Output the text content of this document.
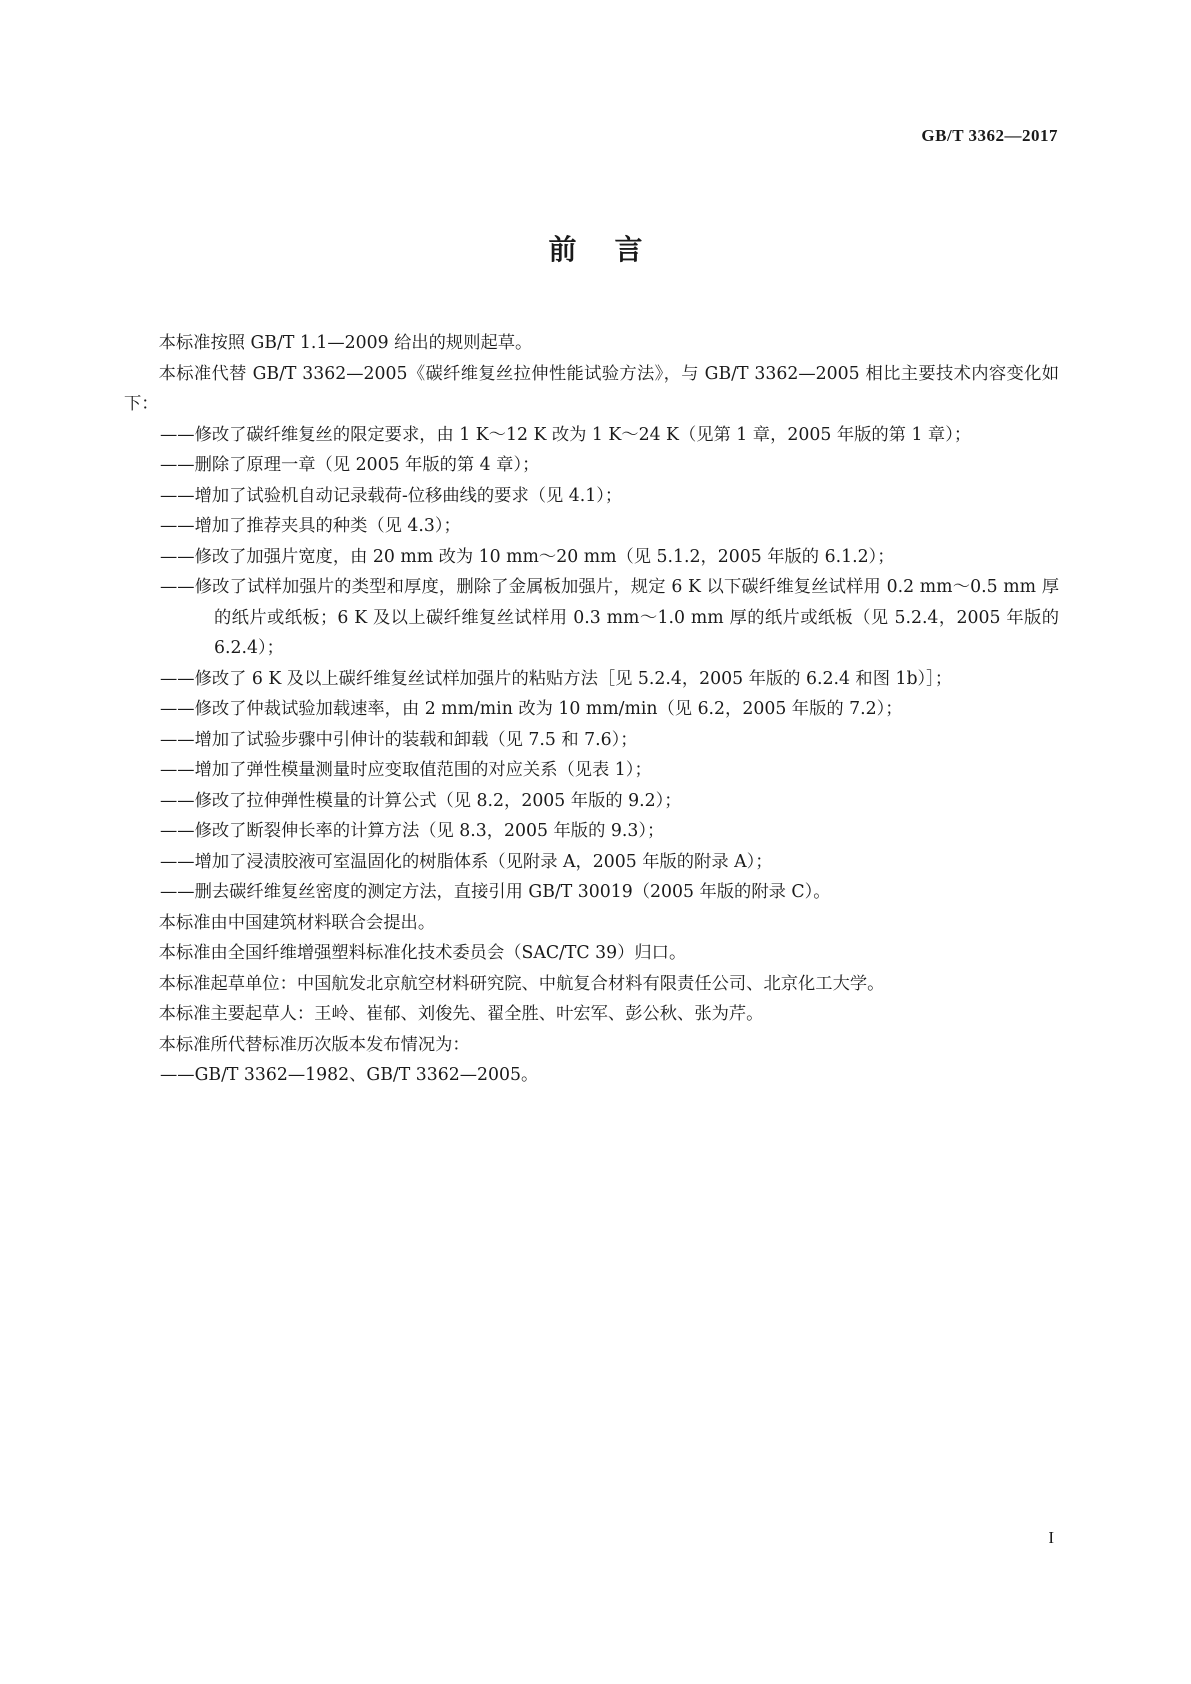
GB/T 3362—2017
前言

本标准按照 GB/T 1.1—2009 给出的规则起草。

本标准代替 GB/T 3362—2005《碳纤维复丝拉伸性能试验方法》，与 GB/T 3362—2005 相比主要技术内容变化如下：

——修改了碳纤维复丝的限定要求，由 1 K～12 K 改为 1 K～24 K（见第 1 章，2005 年版的第 1 章）；

——删除了原理一章（见 2005 年版的第 4 章）；

——增加了试验机自动记录载荷-位移曲线的要求（见 4.1）；

——增加了推荐夹具的种类（见 4.3）；

——修改了加强片宽度，由 20 mm 改为 10 mm～20 mm（见 5.1.2，2005 年版的 6.1.2）；

——修改了试样加强片的类型和厚度，删除了金属板加强片，规定 6 K 以下碳纤维复丝试样用 0.2 mm～0.5 mm 厚的纸片或纸板；6 K 及以上碳纤维复丝试样用 0.3 mm～1.0 mm 厚的纸片或纸板（见 5.2.4，2005 年版的 6.2.4）；

——修改了 6 K 及以上碳纤维复丝试样加强片的粘贴方法［见 5.2.4，2005 年版的 6.2.4 和图 1b）］；

——修改了仲裁试验加载速率，由 2 mm/min 改为 10 mm/min（见 6.2，2005 年版的 7.2）；

——增加了试验步骤中引伸计的装载和卸载（见 7.5 和 7.6）；

——增加了弹性模量测量时应变取值范围的对应关系（见表 1）；

——修改了拉伸弹性模量的计算公式（见 8.2，2005 年版的 9.2）；

——修改了断裂伸长率的计算方法（见 8.3，2005 年版的 9.3）；

——增加了浸渍胶液可室温固化的树脂体系（见附录 A，2005 年版的附录 A）；

——删去碳纤维复丝密度的测定方法，直接引用 GB/T 30019（2005 年版的附录 C）。

本标准由中国建筑材料联合会提出。

本标准由全国纤维增强塑料标准化技术委员会（SAC/TC 39）归口。

本标准起草单位：中国航发北京航空材料研究院、中航复合材料有限责任公司、北京化工大学。

本标准主要起草人：王岭、崔郁、刘俊先、翟全胜、叶宏军、彭公秋、张为芹。

本标准所代替标准历次版本发布情况为：

——GB/T 3362—1982、GB/T 3362—2005。

I
